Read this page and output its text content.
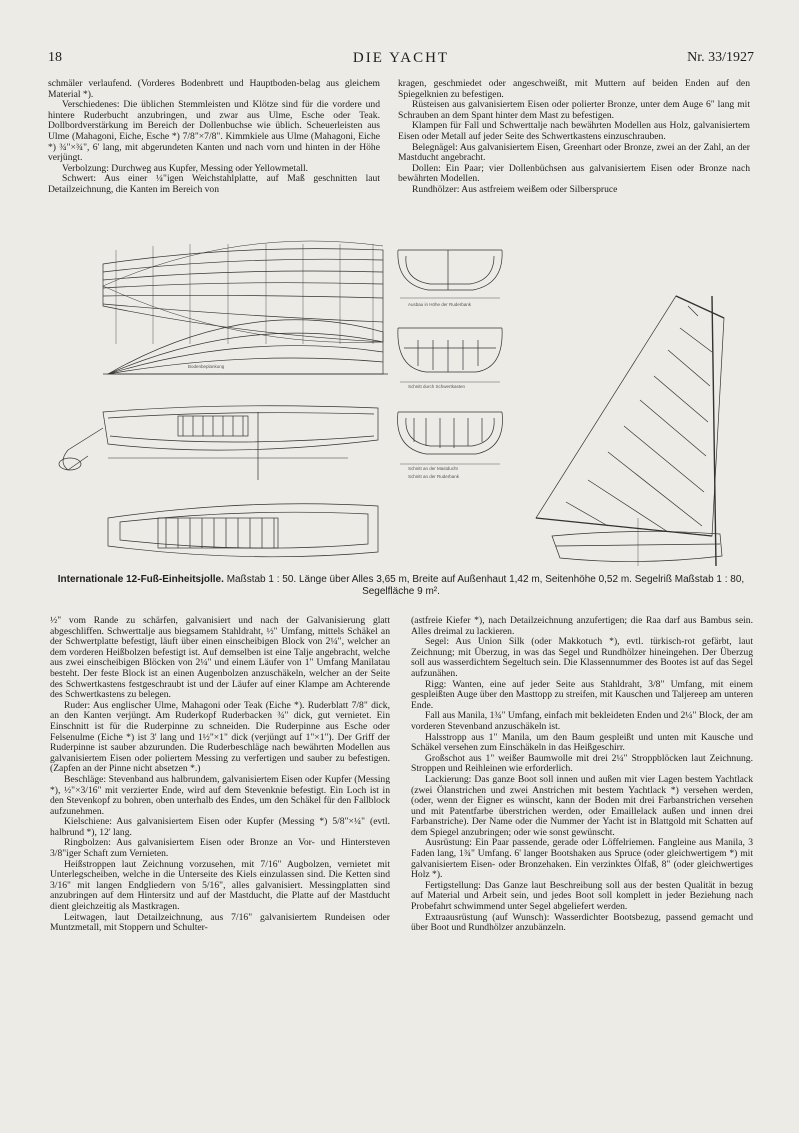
18	DIE YACHT	Nr. 33/1927

schmäler verlaufend. (Vorderes Bodenbrett und Hauptboden-belag aus gleichem Material *).

Verschiedenes: Die üblichen Stemmleisten und Klötze sind für die vordere und hintere Ruderbucht anzubringen, und zwar aus Ulme, Esche oder Teak. Dollbordverstärkung im Bereich der Dollenbuchse wie üblich. Scheuerleisten aus Ulme (Mahagoni, Eiche, Esche *) 7/8"×7/8". Kimmkiele aus Ulme (Mahagoni, Eiche *) ¾"×¾", 6' lang, mit abgerundeten Kanten und nach vorn und hinten in der Höhe verjüngt.

Verbolzung: Durchweg aus Kupfer, Messing oder Yellowmetall.

Schwert: Aus einer ¼"igen Weichstahlplatte, auf Maß geschnitten laut Detailzeichnung, die Kanten im Bereich von

kragen, geschmiedet oder angeschweißt, mit Muttern auf beiden Enden auf den Spiegelknien zu befestigen.

Rüsteisen aus galvanisiertem Eisen oder polierter Bronze, unter dem Auge 6" lang mit Schrauben an dem Spant hinter dem Mast zu befestigen.

Klampen für Fall und Schwerttalje nach bewährten Modellen aus Holz, galvanisiertem Eisen oder Metall auf jeder Seite des Schwertkastens einzuschrauben.

Belegnägel: Aus galvanisiertem Eisen, Greenhart oder Bronze, zwei an der Zahl, an der Mastducht angebracht.

Dollen: Ein Paar; vier Dollenbüchsen aus galvanisiertem Eisen oder Bronze nach bewährten Modellen.

Rundhölzer: Aus astfreiem weißem oder Silberspruce

Bodenbeplankung
Ausbau in Höhe der Ruderbank
Schnitt durch Schwertkasten
Schnitt an der Mastducht
Schnitt an der Ruderbank
Internationale 12-Fuß-Einheitsjolle. Maßstab 1 : 50. Länge über Alles 3,65 m, Breite auf Außenhaut 1,42 m, Seitenhöhe 0,52 m. Segelriß Maßstab 1 : 80, Segelfläche 9 m².

½" vom Rande zu schärfen, galvanisiert und nach der Galvanisierung glatt abgeschliffen. Schwerttalje aus biegsamem Stahldraht, ½" Umfang, mittels Schäkel an der Schwertplatte befestigt, läuft über einen einscheibigen Block von 2¼", welcher an dem vorderen Heißbolzen befestigt ist. Auf demselben ist eine Talje angebracht, welche aus zwei einscheibigen Blöcken von 2¼" und einem Läufer von 1" Umfang Manilatau besteht. Der feste Block ist an einen Augenbolzen anzuschäkeln, welcher an der Seite des Schwertkastens festgeschraubt ist und der Läufer auf einer Klampe am Achterende des Schwertkastens zu belegen.

Ruder: Aus englischer Ulme, Mahagoni oder Teak (Eiche *). Ruderblatt 7/8" dick, an den Kanten verjüngt. Am Ruderkopf Ruderbacken ¾" dick, gut vernietet. Ein Einschnitt ist für die Ruderpinne zu schneiden. Die Ruderpinne aus Esche oder Felsenulme (Eiche *) ist 3' lang und 1½"×1" dick (verjüngt auf 1"×1"). Der Griff der Ruderpinne ist sauber abzurunden. Die Ruderbeschläge nach bewährten Modellen aus galvanisiertem Eisen oder poliertem Messing zu verfertigen und sauber zu befestigen. (Zapfen an der Pinne nicht absetzen *.)

Beschläge: Stevenband aus halbrundem, galvanisiertem Eisen oder Kupfer (Messing *), ½"×3/16" mit verzierter Ende, wird auf dem Stevenknie befestigt. Ein Loch ist in den Stevenkopf zu bohren, oben unterhalb des Endes, um den Schäkel für den Fallblock aufzunehmen.

Kielschiene: Aus galvanisiertem Eisen oder Kupfer (Messing *) 5/8"×¼" (evtl. halbrund *), 12' lang.

Ringbolzen: Aus galvanisiertem Eisen oder Bronze an Vor- und Hintersteven 3/8"iger Schaft zum Vernieten.

Heißstroppen laut Zeichnung vorzusehen, mit 7/16" Augbolzen, vernietet mit Unterlegscheiben, welche in die Unterseite des Kiels einzulassen sind. Die Ketten sind 3/16" mit langen Endgliedern von 5/16", alles galvanisiert. Messingplatten sind anzubringen auf dem Hintersitz und auf der Mastducht, die Platte auf der Mastducht dient gleichzeitig als Mastkragen.

Leitwagen, laut Detailzeichnung, aus 7/16" galvanisiertem Rundeisen oder Muntzmetall, mit Stoppern und Schulter-

(astfreie Kiefer *), nach Detailzeichnung anzufertigen; die Raa darf aus Bambus sein. Alles dreimal zu lackieren.

Segel: Aus Union Silk (oder Makkotuch *), evtl. türkisch-rot gefärbt, laut Zeichnung; mit Überzug, in was das Segel und Rundhölzer hineingehen. Der Überzug soll aus wasserdichtem Segeltuch sein. Die Klassennummer des Bootes ist auf das Segel aufzunähen.

Rigg: Wanten, eine auf jeder Seite aus Stahldraht, 3/8" Umfang, mit einem gespleißten Auge über den Masttopp zu streifen, mit Kauschen und Taljereep am unteren Ende.

Fall aus Manila, 1¾" Umfang, einfach mit bekleideten Enden und 2¼" Block, der am vorderen Stevenband anzuschäkeln ist.

Halsstropp aus 1" Manila, um den Baum gespleißt und unten mit Kausche und Schäkel versehen zum Einschäkeln in das Heißgeschirr.

Großschot aus 1" weißer Baumwolle mit drei 2¼" Stroppblöcken laut Zeichnung. Stroppen und Reihleinen wie erforderlich.

Lackierung: Das ganze Boot soll innen und außen mit vier Lagen bestem Yachtlack (zwei Ölanstrichen und zwei Anstrichen mit bestem Yachtlack *) versehen werden, (oder, wenn der Eigner es wünscht, kann der Boden mit drei Farbanstrichen versehen und mit Patentfarbe überstrichen werden, oder Emaillelack außen und innen drei Farbanstriche). Der Name oder die Nummer der Yacht ist in Blattgold mit Schatten auf dem Spiegel anzubringen; oder wie sonst gewünscht.

Ausrüstung: Ein Paar passende, gerade oder Löffelriemen. Fangleine aus Manila, 3 Faden lang, 1¾" Umfang. 6' langer Bootshaken aus Spruce (oder gleichwertigem *) mit galvanisiertem Eisen- oder Bronzehaken. Ein verzinktes Ölfaß, 8" (oder gleichwertiges Holz *).

Fertigstellung: Das Ganze laut Beschreibung soll aus der besten Qualität in bezug auf Material und Arbeit sein, und jedes Boot soll komplett in jeder Beziehung nach Probefahrt schwimmend unter Segel abgeliefert werden.

Extraausrüstung (auf Wunsch): Wasserdichter Bootsbezug, passend gemacht und über Boot und Rundhölzer anzubänzeln.
